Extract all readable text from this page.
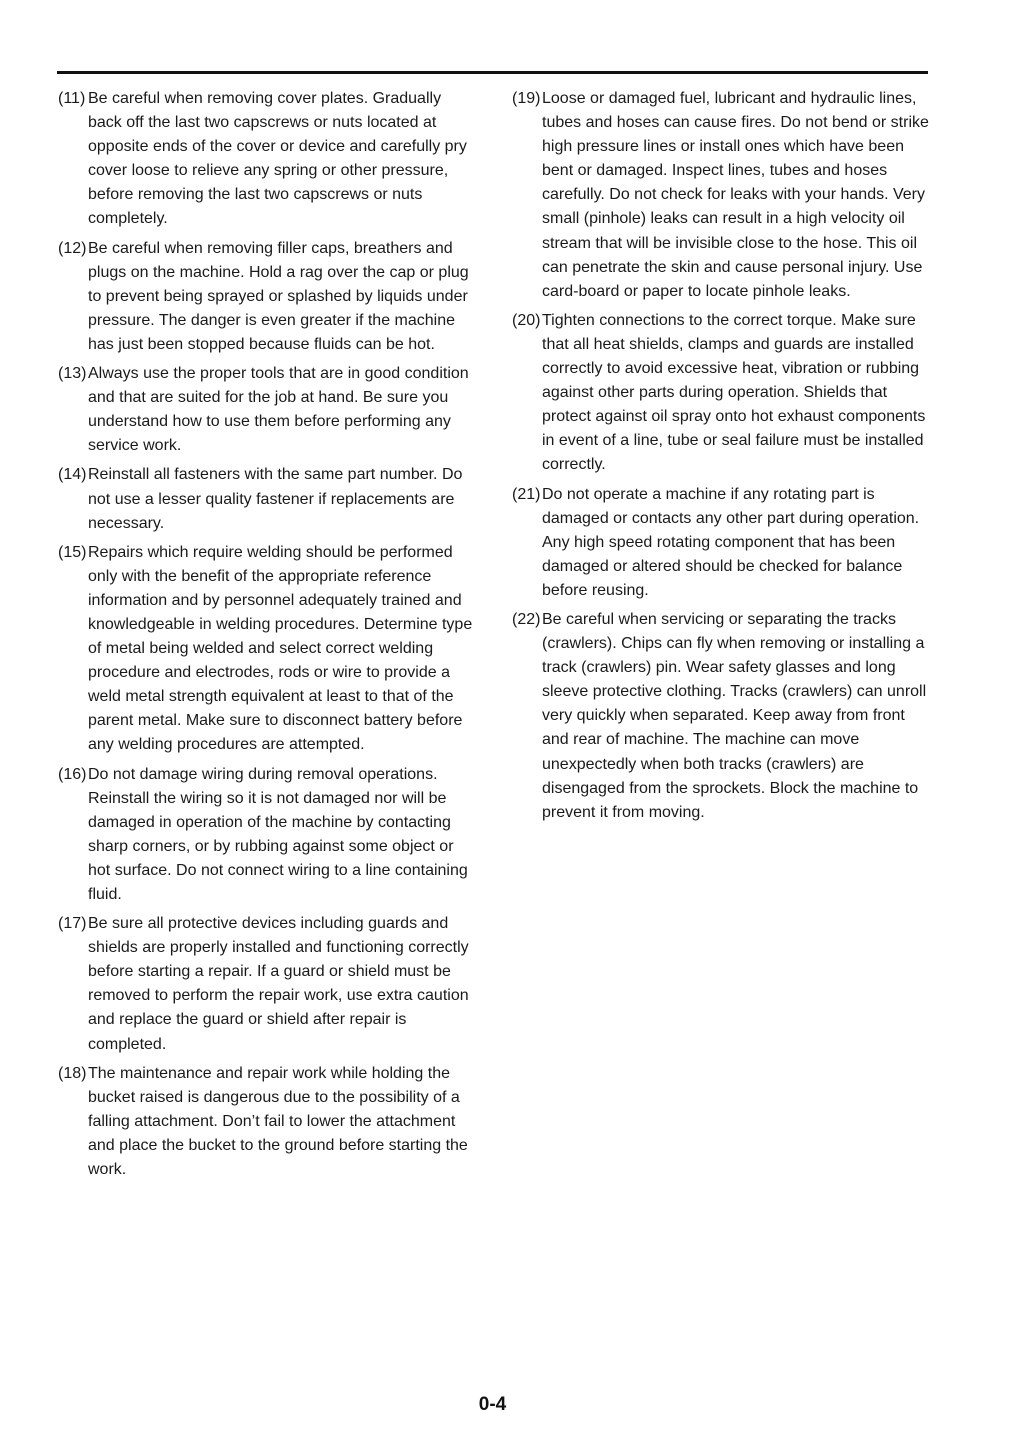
(11) Be careful when removing cover plates. Gradually back off the last two capscrews or nuts located at opposite ends of the cover or device and carefully pry cover loose to relieve any spring or other pressure, before removing the last two capscrews or nuts completely.
(12) Be careful when removing filler caps, breathers and plugs on the machine. Hold a rag over the cap or plug to prevent being sprayed or splashed by liquids under pressure. The danger is even greater if the machine has just been stopped because fluids can be hot.
(13) Always use the proper tools that are in good condition and that are suited for the job at hand. Be sure you understand how to use them before performing any service work.
(14) Reinstall all fasteners with the same part number. Do not use a lesser quality fastener if replacements are necessary.
(15) Repairs which require welding should be performed only with the benefit of the appropriate reference information and by personnel adequately trained and knowledgeable in welding procedures. Determine type of metal being welded and select correct welding procedure and electrodes, rods or wire to provide a weld metal strength equivalent at least to that of the parent metal. Make sure to disconnect battery before any welding procedures are attempted.
(16) Do not damage wiring during removal operations. Reinstall the wiring so it is not damaged nor will be damaged in operation of the machine by contacting sharp corners, or by rubbing against some object or hot surface. Do not connect wiring to a line containing fluid.
(17) Be sure all protective devices including guards and shields are properly installed and functioning correctly before starting a repair. If a guard or shield must be removed to perform the repair work, use extra caution and replace the guard or shield after repair is completed.
(18) The maintenance and repair work while holding the bucket raised is dangerous due to the possibility of a falling attachment. Don’t fail to lower the attachment and place the bucket to the ground before starting the work.
(19) Loose or damaged fuel, lubricant and hydraulic lines, tubes and hoses can cause fires. Do not bend or strike high pressure lines or install ones which have been bent or damaged. Inspect lines, tubes and hoses carefully. Do not check for leaks with your hands. Very small (pinhole) leaks can result in a high velocity oil stream that will be invisible close to the hose. This oil can penetrate the skin and cause personal injury. Use card-board or paper to locate pinhole leaks.
(20) Tighten connections to the correct torque. Make sure that all heat shields, clamps and guards are installed correctly to avoid excessive heat, vibration or rubbing against other parts during operation. Shields that protect against oil spray onto hot exhaust components in event of a line, tube or seal failure must be installed correctly.
(21) Do not operate a machine if any rotating part is damaged or contacts any other part during operation. Any high speed rotating component that has been damaged or altered should be checked for balance before reusing.
(22) Be careful when servicing or separating the tracks (crawlers). Chips can fly when removing or installing a track (crawlers) pin. Wear safety glasses and long sleeve protective clothing. Tracks (crawlers) can unroll very quickly when separated. Keep away from front and rear of machine. The machine can move unexpectedly when both tracks (crawlers) are disengaged from the sprockets. Block the machine to prevent it from moving.
0-4
